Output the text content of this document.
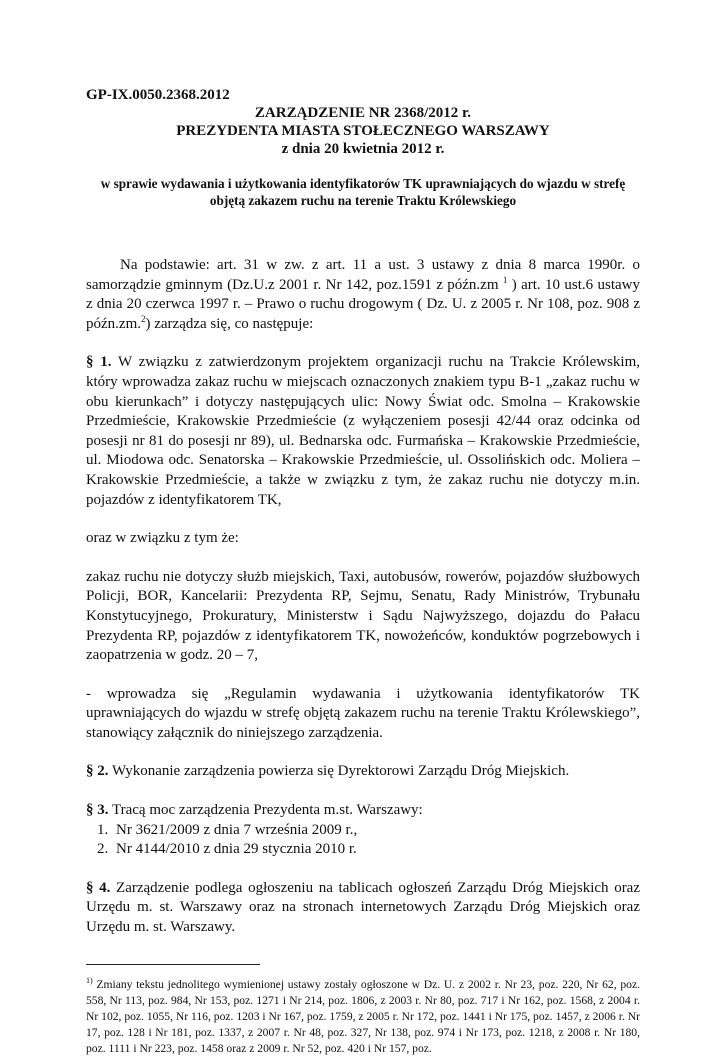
GP-IX.0050.2368.2012

ZARZĄDZENIE NR 2368/2012 r.

PREZYDENTA MIASTA STOŁECZNEGO WARSZAWY

z dnia 20 kwietnia 2012 r.

w sprawie wydawania i użytkowania identyfikatorów TK uprawniających do wjazdu w strefę objętą zakazem ruchu na terenie Traktu Królewskiego

Na podstawie: art. 31 w zw. z art. 11 a ust. 3 ustawy z dnia 8 marca 1990r. o samorządzie gminnym (Dz.U.z 2001 r. Nr 142, poz.1591 z późn.zm $^1$ ) art. 10 ust.6 ustawy z dnia 20 czerwca 1997 r. – Prawo o ruchu drogowym ( Dz. U. z 2005 r. Nr 108, poz. 908 z późn.zm.$^2$) zarządza się, co następuje:

§ 1. W związku z zatwierdzonym projektem organizacji ruchu na Trakcie Królewskim, który wprowadza zakaz ruchu w miejscach oznaczonych znakiem typu B-1 „zakaz ruchu w obu kierunkach” i dotyczy następujących ulic: Nowy Świat odc. Smolna – Krakowskie Przedmieście, Krakowskie Przedmieście (z wyłączeniem posesji 42/44 oraz odcinka od posesji nr 81 do posesji nr 89), ul. Bednarska odc. Furmańska – Krakowskie Przedmieście, ul. Miodowa odc. Senatorska – Krakowskie Przedmieście, ul. Ossolińskich odc. Moliera – Krakowskie Przedmieście, a także w związku z tym, że zakaz ruchu nie dotyczy m.in. pojazdów z identyfikatorem TK,

oraz w związku z tym że:

zakaz ruchu nie dotyczy służb miejskich, Taxi, autobusów, rowerów, pojazdów służbowych Policji, BOR, Kancelarii: Prezydenta RP, Sejmu, Senatu, Rady Ministrów, Trybunału Konstytucyjnego, Prokuratury, Ministerstw i Sądu Najwyższego, dojazdu do Pałacu Prezydenta RP, pojazdów z identyfikatorem TK, nowożeńców, konduktów pogrzebowych i zaopatrzenia w godz. 20 – 7,

- wprowadza się „Regulamin wydawania i użytkowania identyfikatorów TK uprawniających do wjazdu w strefę objętą zakazem ruchu na terenie Traktu Królewskiego”, stanowiący załącznik do niniejszego zarządzenia.

§ 2. Wykonanie zarządzenia powierza się Dyrektorowi Zarządu Dróg Miejskich.

§ 3. Tracą moc zarządzenia Prezydenta m.st. Warszawy:

1. Nr 3621/2009 z dnia 7 września 2009 r.,
2. Nr 4144/2010 z dnia 29 stycznia 2010 r.

§ 4. Zarządzenie podlega ogłoszeniu na tablicach ogłoszeń Zarządu Dróg Miejskich oraz Urzędu m. st. Warszawy oraz na stronach internetowych Zarządu Dróg Miejskich oraz Urzędu m. st. Warszawy.

$^{1)}$ Zmiany tekstu jednolitego wymienionej ustawy zostały ogłoszone w Dz. U. z 2002 r. Nr 23, poz. 220, Nr 62, poz. 558, Nr 113, poz. 984, Nr 153, poz. 1271 i Nr 214, poz. 1806, z 2003 r. Nr 80, poz. 717 i Nr 162, poz. 1568, z 2004 r. Nr 102, poz. 1055, Nr 116, poz. 1203 i Nr 167, poz. 1759, z 2005 r. Nr 172, poz. 1441 i Nr 175, poz. 1457, z 2006 r. Nr 17, poz. 128 i Nr 181, poz. 1337, z 2007 r. Nr 48, poz. 327, Nr 138, poz. 974 i Nr 173, poz. 1218, z 2008 r. Nr 180, poz. 1111 i Nr 223, poz. 1458 oraz z 2009 r. Nr 52, poz. 420 i Nr 157, poz.
